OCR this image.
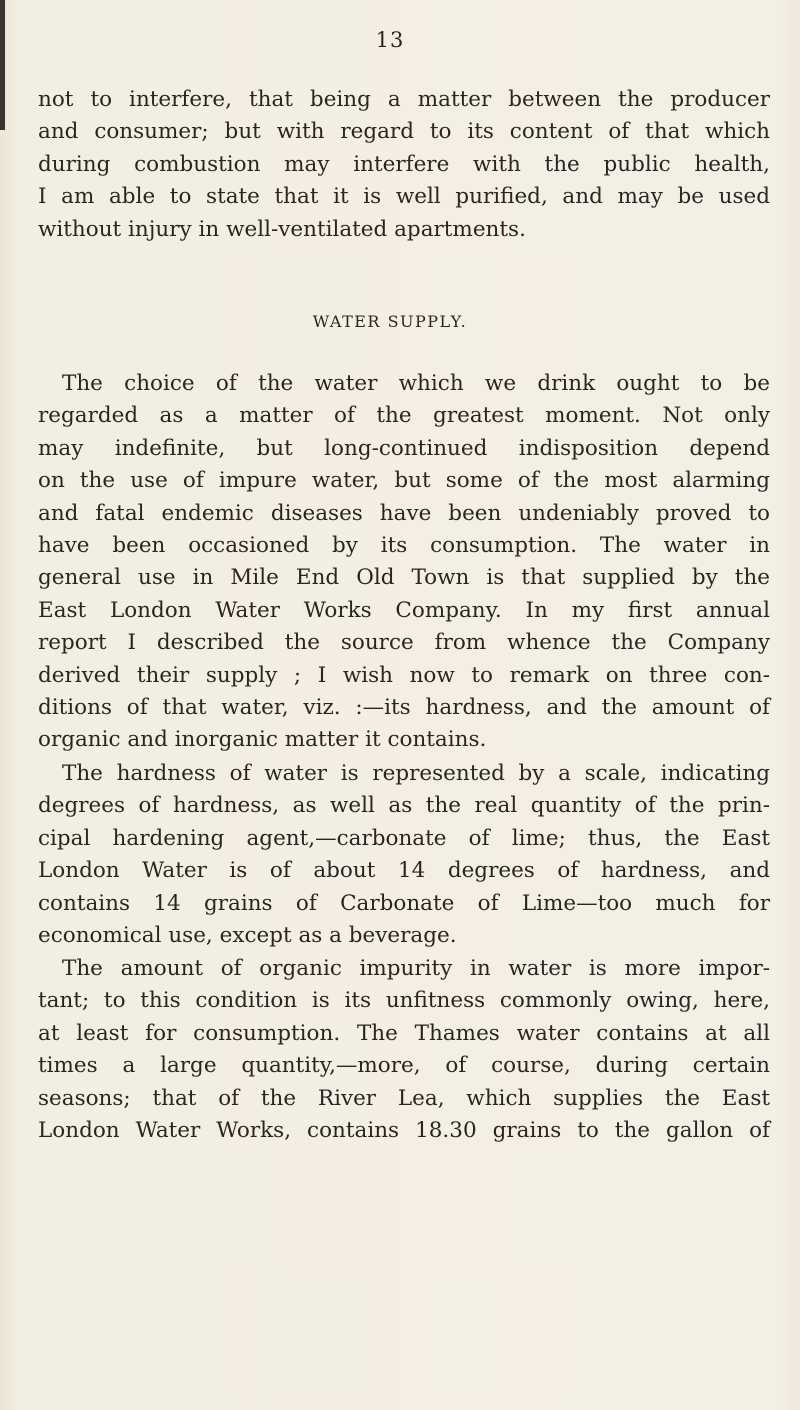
13
not to interfere, that being a matter between the producer
and consumer; but with regard to its content of that which
during combustion may interfere with the public health,
I am able to state that it is well purified, and may be used
without injury in well-ventilated apartments.
WATER SUPPLY.
The choice of the water which we drink ought to be
regarded as a matter of the greatest moment. Not only
may indefinite, but long-continued indisposition depend
on the use of impure water, but some of the most alarming
and fatal endemic diseases have been undeniably proved to
have been occasioned by its consumption. The water in
general use in Mile End Old Town is that supplied by the
East London Water Works Company. In my first annual
report I described the source from whence the Company
derived their supply ; I wish now to remark on three con-
ditions of that water, viz. :—its hardness, and the amount of
organic and inorganic matter it contains.
The hardness of water is represented by a scale, indicating
degrees of hardness, as well as the real quantity of the prin-
cipal hardening agent,—carbonate of lime; thus, the East
London Water is of about 14 degrees of hardness, and
contains 14 grains of Carbonate of Lime—too much for
economical use, except as a beverage.
The amount of organic impurity in water is more impor-
tant; to this condition is its unfitness commonly owing, here,
at least for consumption. The Thames water contains at all
times a large quantity,—more, of course, during certain
seasons; that of the River Lea, which supplies the East
London Water Works, contains 18.30 grains to the gallon of
